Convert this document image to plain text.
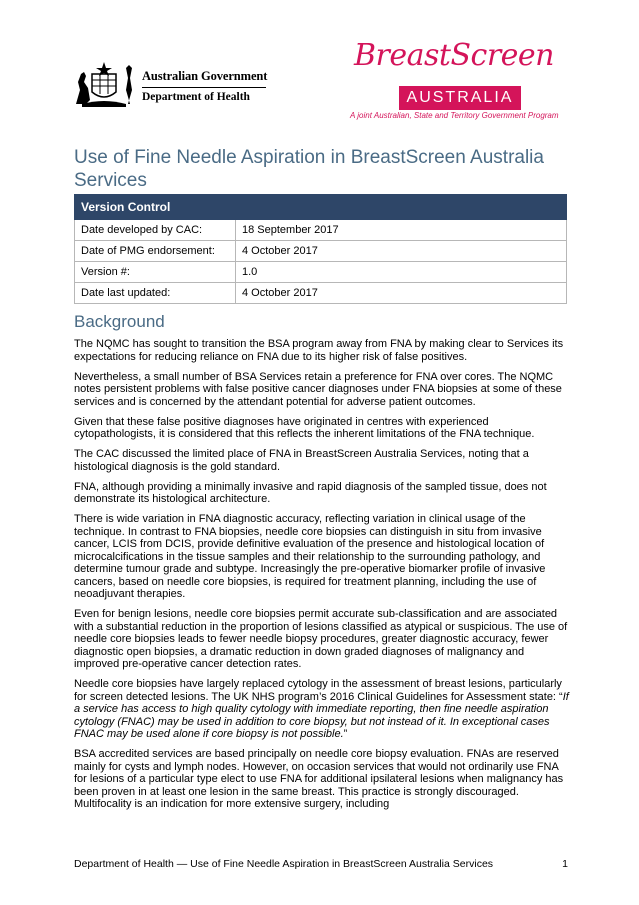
Australian Government
Department of Health
BreastScreen
AUSTRALIA
A joint Australian, State and Territory Government Program
Use of Fine Needle Aspiration in BreastScreen Australia Services
Version Control	
Date developed by CAC:	18 September 2017
Date of PMG endorsement:	4 October 2017
Version #:	1.0
Date last updated:	4 October 2017
Background

The NQMC has sought to transition the BSA program away from FNA by making clear to Services its expectations for reducing reliance on FNA due to its higher risk of false positives.

Nevertheless, a small number of BSA Services retain a preference for FNA over cores. The NQMC notes persistent problems with false positive cancer diagnoses under FNA biopsies at some of these services and is concerned by the attendant potential for adverse patient outcomes.

Given that these false positive diagnoses have originated in centres with experienced cytopathologists, it is considered that this reflects the inherent limitations of the FNA technique.

The CAC discussed the limited place of FNA in BreastScreen Australia Services, noting that a histological diagnosis is the gold standard.

FNA, although providing a minimally invasive and rapid diagnosis of the sampled tissue, does not demonstrate its histological architecture.

There is wide variation in FNA diagnostic accuracy, reflecting variation in clinical usage of the technique. In contrast to FNA biopsies, needle core biopsies can distinguish in situ from invasive cancer, LCIS from DCIS, provide definitive evaluation of the presence and histological location of microcalcifications in the tissue samples and their relationship to the surrounding pathology, and determine tumour grade and subtype. Increasingly the pre-operative biomarker profile of invasive cancers, based on needle core biopsies, is required for treatment planning, including the use of neoadjuvant therapies.

Even for benign lesions, needle core biopsies permit accurate sub-classification and are associated with a substantial reduction in the proportion of lesions classified as atypical or suspicious. The use of needle core biopsies leads to fewer needle biopsy procedures, greater diagnostic accuracy, fewer diagnostic open biopsies, a dramatic reduction in down graded diagnoses of malignancy and improved pre-operative cancer detection rates.

Needle core biopsies have largely replaced cytology in the assessment of breast lesions, particularly for screen detected lesions. The UK NHS program’s 2016 Clinical Guidelines for Assessment state: “If a service has access to high quality cytology with immediate reporting, then fine needle aspiration cytology (FNAC) may be used in addition to core biopsy, but not instead of it. In exceptional cases FNAC may be used alone if core biopsy is not possible.”

BSA accredited services are based principally on needle core biopsy evaluation. FNAs are reserved mainly for cysts and lymph nodes. However, on occasion services that would not ordinarily use FNA for lesions of a particular type elect to use FNA for additional ipsilateral lesions when malignancy has been proven in at least one lesion in the same breast. This practice is strongly discouraged. Multifocality is an indication for more extensive surgery, including

Department of Health — Use of Fine Needle Aspiration in BreastScreen Australia Services	1
